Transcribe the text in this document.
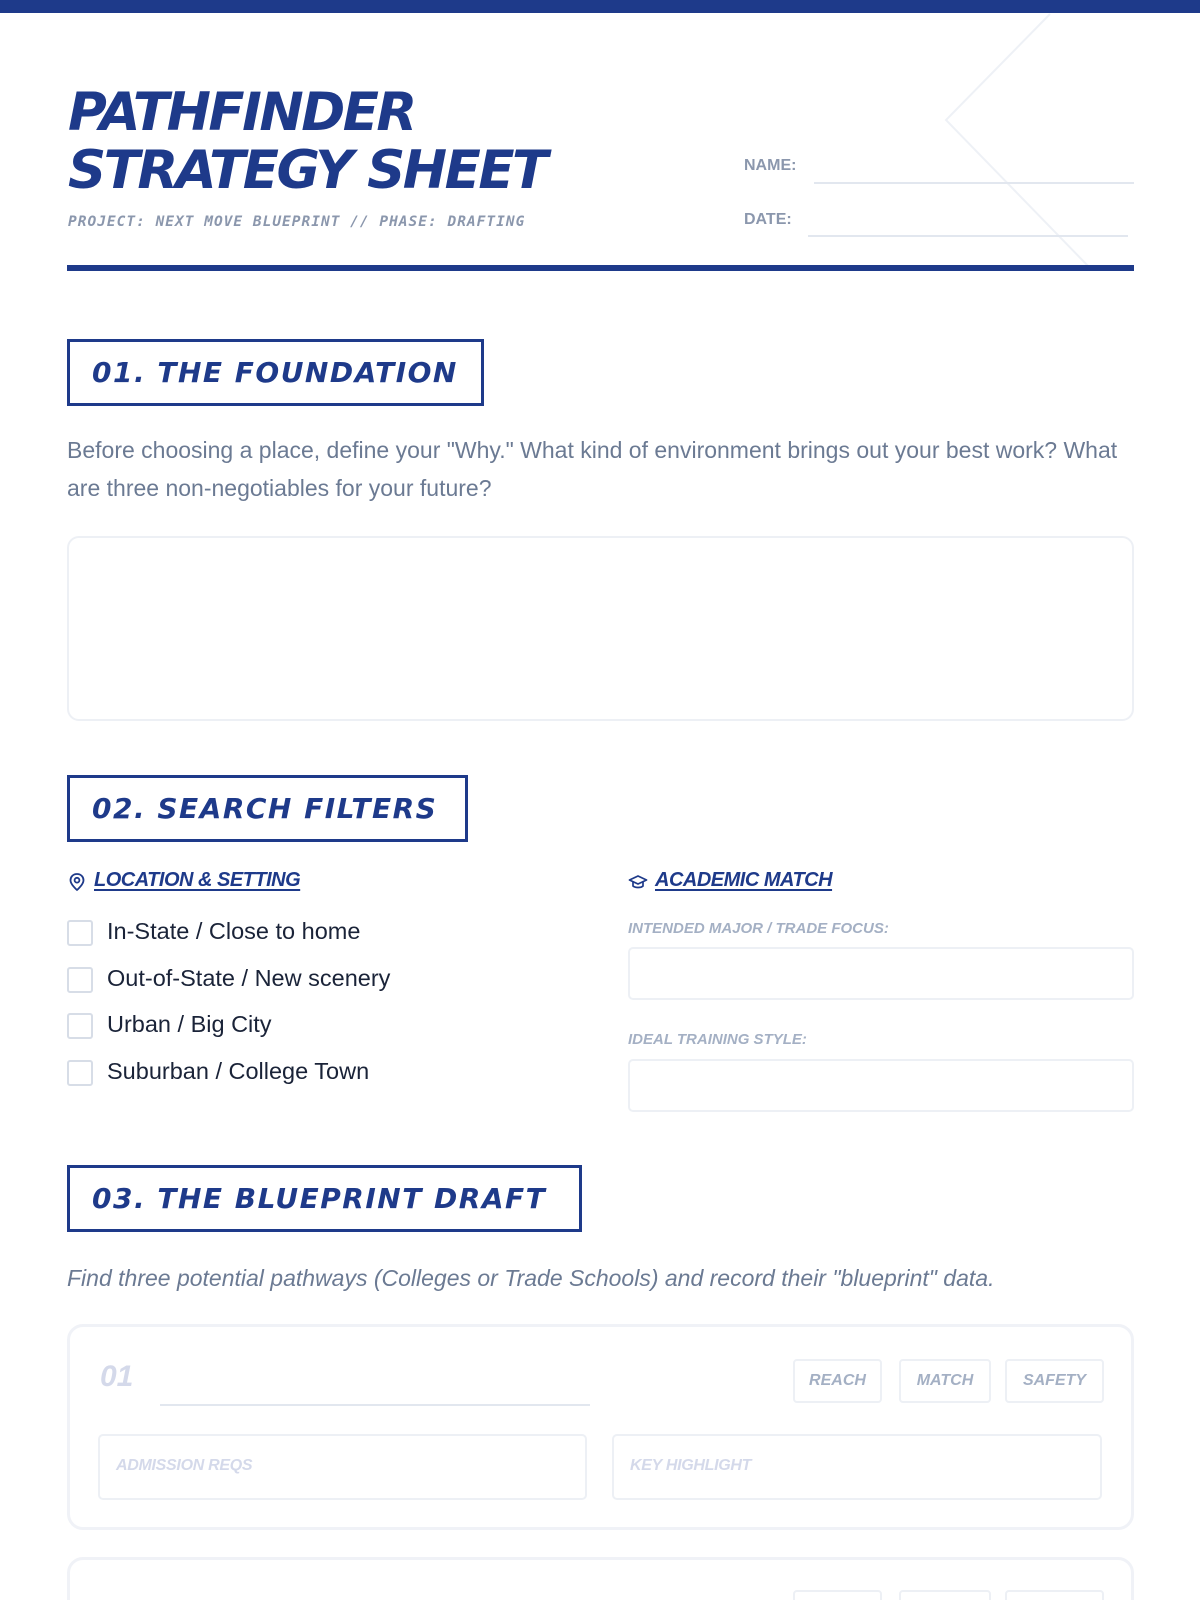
PATHFINDER
STRATEGY SHEET
PROJECT: NEXT MOVE BLUEPRINT // PHASE: DRAFTING
NAME:
DATE:
01. THE FOUNDATION
Before choosing a place, define your "Why." What kind of environment brings out your best work? What are three non-negotiables for your future?
02. SEARCH FILTERS
LOCATION & SETTING
In-State / Close to home
Out-of-State / New scenery
Urban / Big City
Suburban / College Town
ACADEMIC MATCH
INTENDED MAJOR / TRADE FOCUS:
IDEAL TRAINING STYLE:
03. THE BLUEPRINT DRAFT
Find three potential pathways (Colleges or Trade Schools) and record their "blueprint" data.
01	REACH	MATCH	SAFETY
ADMISSION REQS	KEY HIGHLIGHT
